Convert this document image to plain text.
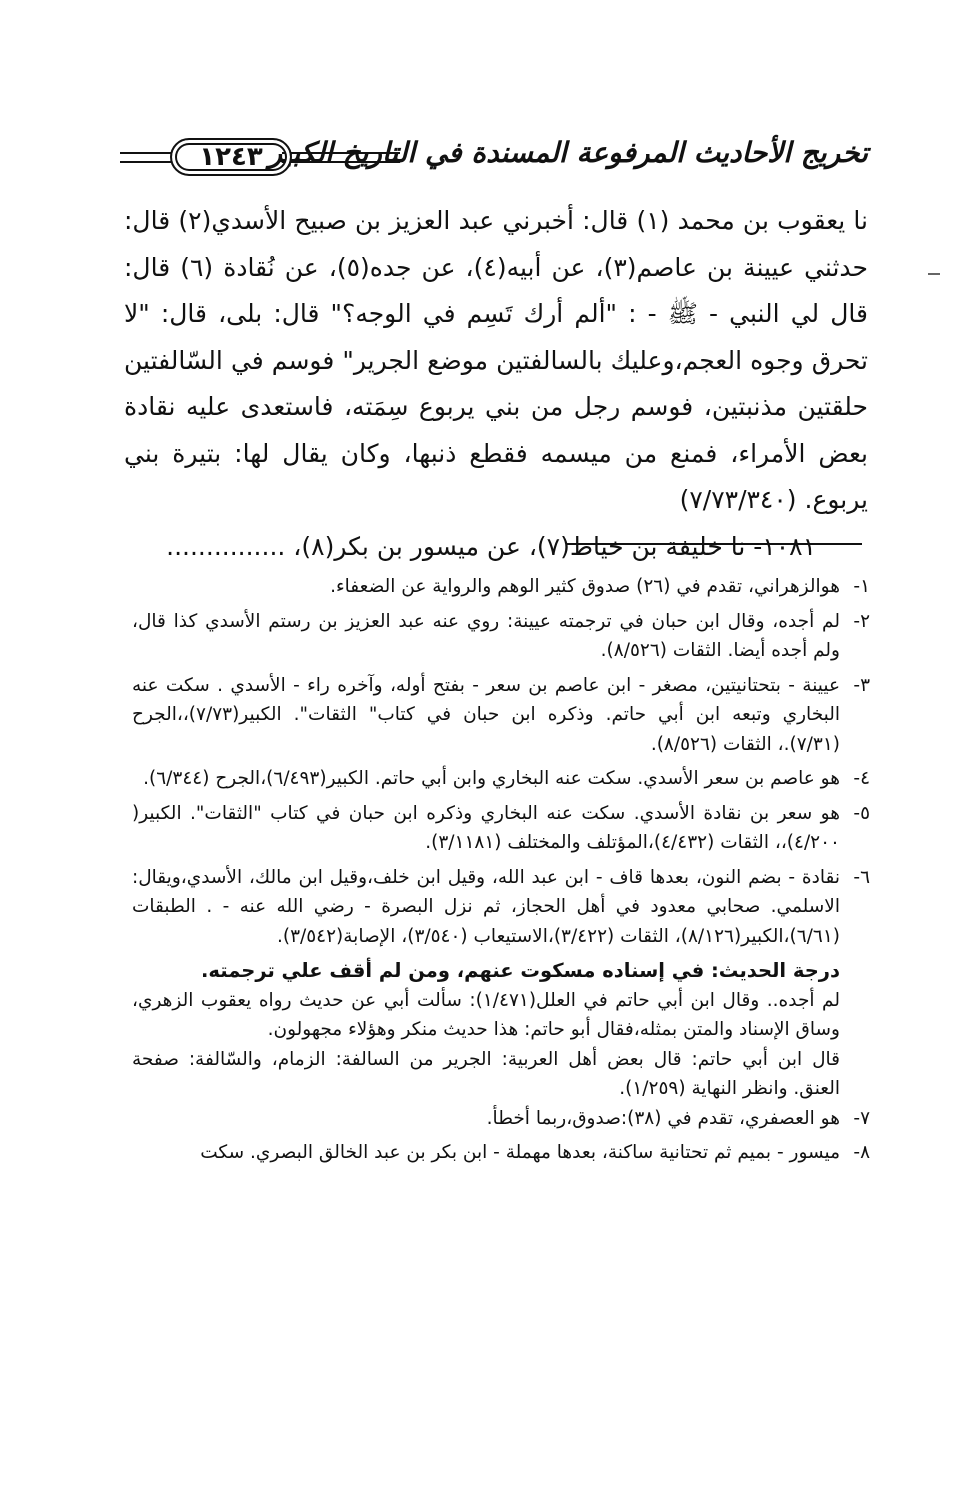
تخريج الأحاديث المرفوعة المسندة في التاريخ الكبير
١٢٤٣

نا يعقوب بن محمد (١) قال: أخبرني عبد العزيز بن صبيح الأسدي(٢) قال: حدثني عيينة بن عاصم(٣)، عن أبيه(٤)، عن جده(٥)، عن نُقادة (٦) قال: قال لي النبي - ﷺ - : "ألم أرك تَسِم في الوجه؟" قال: بلى، قال: "لا تحرق وجوه العجم،وعليك بالسالفتين موضع الجرير" فوسم في السّالفتين حلقتين مذنبتين، فوسم رجل من بني يربوع سِمَته، فاستعدى عليه نقادة بعض الأمراء، فمنع من ميسمه فقطع ذنبها، وكان يقال لها: بتيرة بني يربوع. (٧/٧٣/٣٤٠)

١٠٨١- نا خليفة بن خياط(٧)، عن ميسور بن بكر(٨)، ...............

١-
هوالزهراني، تقدم في (٢٦) صدوق كثير الوهم والرواية عن الضعفاء.
٢-
لم أجده، وقال ابن حبان في ترجمته عيينة: روي عنه عبد العزيز بن رستم الأسدي كذا قال، ولم أجده أيضا. الثقات (٨/٥٢٦).
٣-
عيينة - بتحتانيتين، مصغر - ابن عاصم بن سعر - بفتح أوله، وآخره راء - الأسدي . سكت عنه البخاري وتبعه ابن أبي حاتم. وذكره ابن حبان في كتاب" الثقات". الكبير(٧/٧٣)،،الجرح (٧/٣١).، الثقات (٨/٥٢٦).
٤-
هو عاصم بن سعر الأسدي. سكت عنه البخاري وابن أبي حاتم. الكبير(٦/٤٩٣)،الجرح (٦/٣٤٤).
٥-
هو سعر بن نقادة الأسدي. سكت عنه البخاري وذكره ابن حبان في كتاب "الثقات". الكبير( ٤/٢٠٠)،، الثقات (٤/٤٣٢)،المؤتلف والمختلف (٣/١١٨١).
٦-
نقادة - بضم النون، بعدها قاف - ابن عبد الله، وقيل ابن خلف،وقيل ابن مالك، الأسدي،ويقال: الاسلمي. صحابي معدود في أهل الحجاز، ثم نزل البصرة - رضي الله عنه - . الطبقات (٦/٦١)،الكبير(٨/١٢٦)، الثقات (٣/٤٢٢)،الاستيعاب (٣/٥٤٠)، الإصابة(٣/٥٤٢).
درجة الحديث: في إسناده مسكوت عنهم، ومن لم أقف علي ترجمته.

لم أجده.. وقال ابن أبي حاتم في العلل(١/٤٧١): سألت أبي عن حديث رواه يعقوب الزهري، وساق الإسناد والمتن بمثله،فقال أبو حاتم: هذا حديث منكر وهؤلاء مجهولون.

قال ابن أبي حاتم: قال بعض أهل العربية: الجرير من السالفة: الزمام، والسّالفة: صفحة العنق. وانظر النهاية (١/٢٥٩).

٧-
هو العصفري، تقدم في (٣٨):صدوق،ربما أخطأ.
٨-
ميسور - بميم ثم تحتانية ساكنة، بعدها مهملة - ابن بكر بن عبد الخالق البصري. سكت
